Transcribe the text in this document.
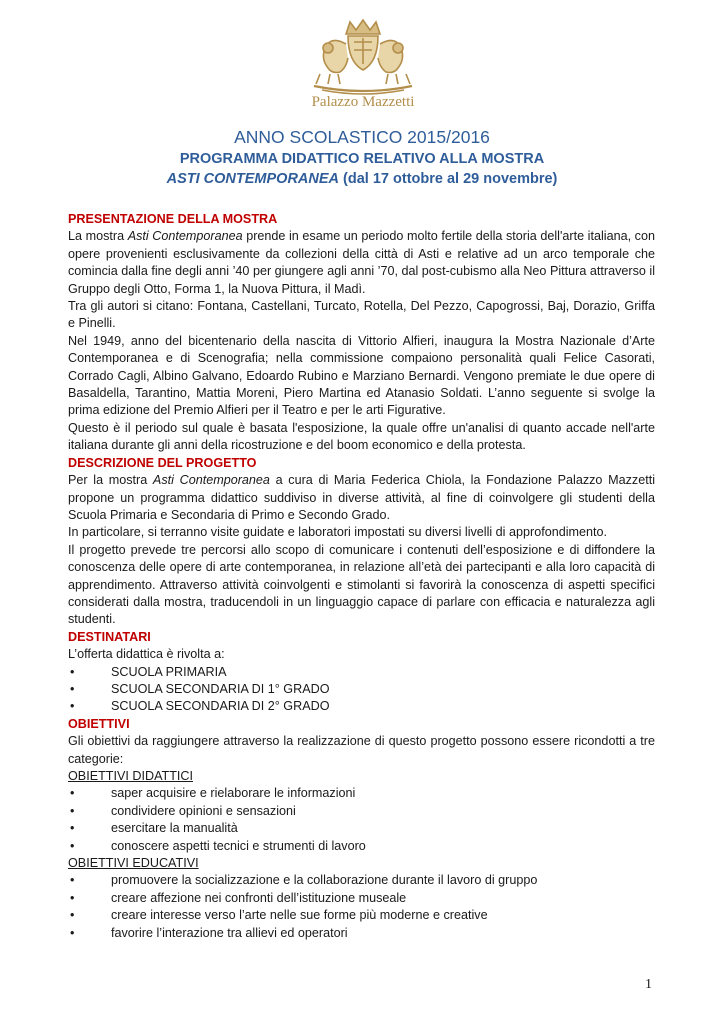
Palazzo Mazzetti
ANNO SCOLASTICO 2015/2016
PROGRAMMA DIDATTICO RELATIVO ALLA MOSTRA
ASTI CONTEMPORANEA (dal 17 ottobre al 29 novembre)
PRESENTAZIONE DELLA MOSTRA

La mostra Asti Contemporanea prende in esame un periodo molto fertile della storia dell'arte italiana, con opere provenienti esclusivamente da collezioni della città di Asti e relative ad un arco temporale che comincia dalla fine degli anni ’40 per giungere agli anni ’70, dal post-cubismo alla Neo Pittura attraverso il Gruppo degli Otto, Forma 1, la Nuova Pittura, il Madì.

Tra gli autori si citano: Fontana, Castellani, Turcato, Rotella, Del Pezzo, Capogrossi, Baj, Dorazio, Griffa e Pinelli.

Nel 1949, anno del bicentenario della nascita di Vittorio Alfieri, inaugura la Mostra Nazionale d’Arte Contemporanea e di Scenografia; nella commissione compaiono personalità quali Felice Casorati, Corrado Cagli, Albino Galvano, Edoardo Rubino e Marziano Bernardi. Vengono premiate le due opere di Basaldella, Tarantino, Mattia Moreni, Piero Martina ed Atanasio Soldati. L’anno seguente si svolge la prima edizione del Premio Alfieri per il Teatro e per le arti Figurative.

Questo è il periodo sul quale è basata l'esposizione, la quale offre un'analisi di quanto accade nell'arte italiana durante gli anni della ricostruzione e del boom economico e della protesta.

DESCRIZIONE DEL PROGETTO

Per la mostra Asti Contemporanea a cura di Maria Federica Chiola, la Fondazione Palazzo Mazzetti propone un programma didattico suddiviso in diverse attività, al fine di coinvolgere gli studenti della Scuola Primaria e Secondaria di Primo e Secondo Grado.

In particolare, si terranno visite guidate e laboratori impostati su diversi livelli di approfondimento.

Il progetto prevede tre percorsi allo scopo di comunicare i contenuti dell’esposizione e di diffondere la conoscenza delle opere di arte contemporanea, in relazione all’età dei partecipanti e alla loro capacità di apprendimento. Attraverso attività coinvolgenti e stimolanti si favorirà la conoscenza di aspetti specifici considerati dalla mostra, traducendoli in un linguaggio capace di parlare con efficacia e naturalezza agli studenti.

DESTINATARI

L’offerta didattica è rivolta a:

• SCUOLA PRIMARIA
• SCUOLA SECONDARIA DI 1° GRADO
• SCUOLA SECONDARIA DI 2° GRADO
OBIETTIVI

Gli obiettivi da raggiungere attraverso la realizzazione di questo progetto possono essere ricondotti a tre categorie:

OBIETTIVI DIDATTICI

• saper acquisire e rielaborare le informazioni
• condividere opinioni e sensazioni
• esercitare la manualità
• conoscere aspetti tecnici e strumenti di lavoro

OBIETTIVI EDUCATIVI

• promuovere la socializzazione e la collaborazione durante il lavoro di gruppo
• creare affezione nei confronti dell’istituzione museale
• creare interesse verso l’arte nelle sue forme più moderne e creative
• favorire l’interazione tra allievi ed operatori
1
